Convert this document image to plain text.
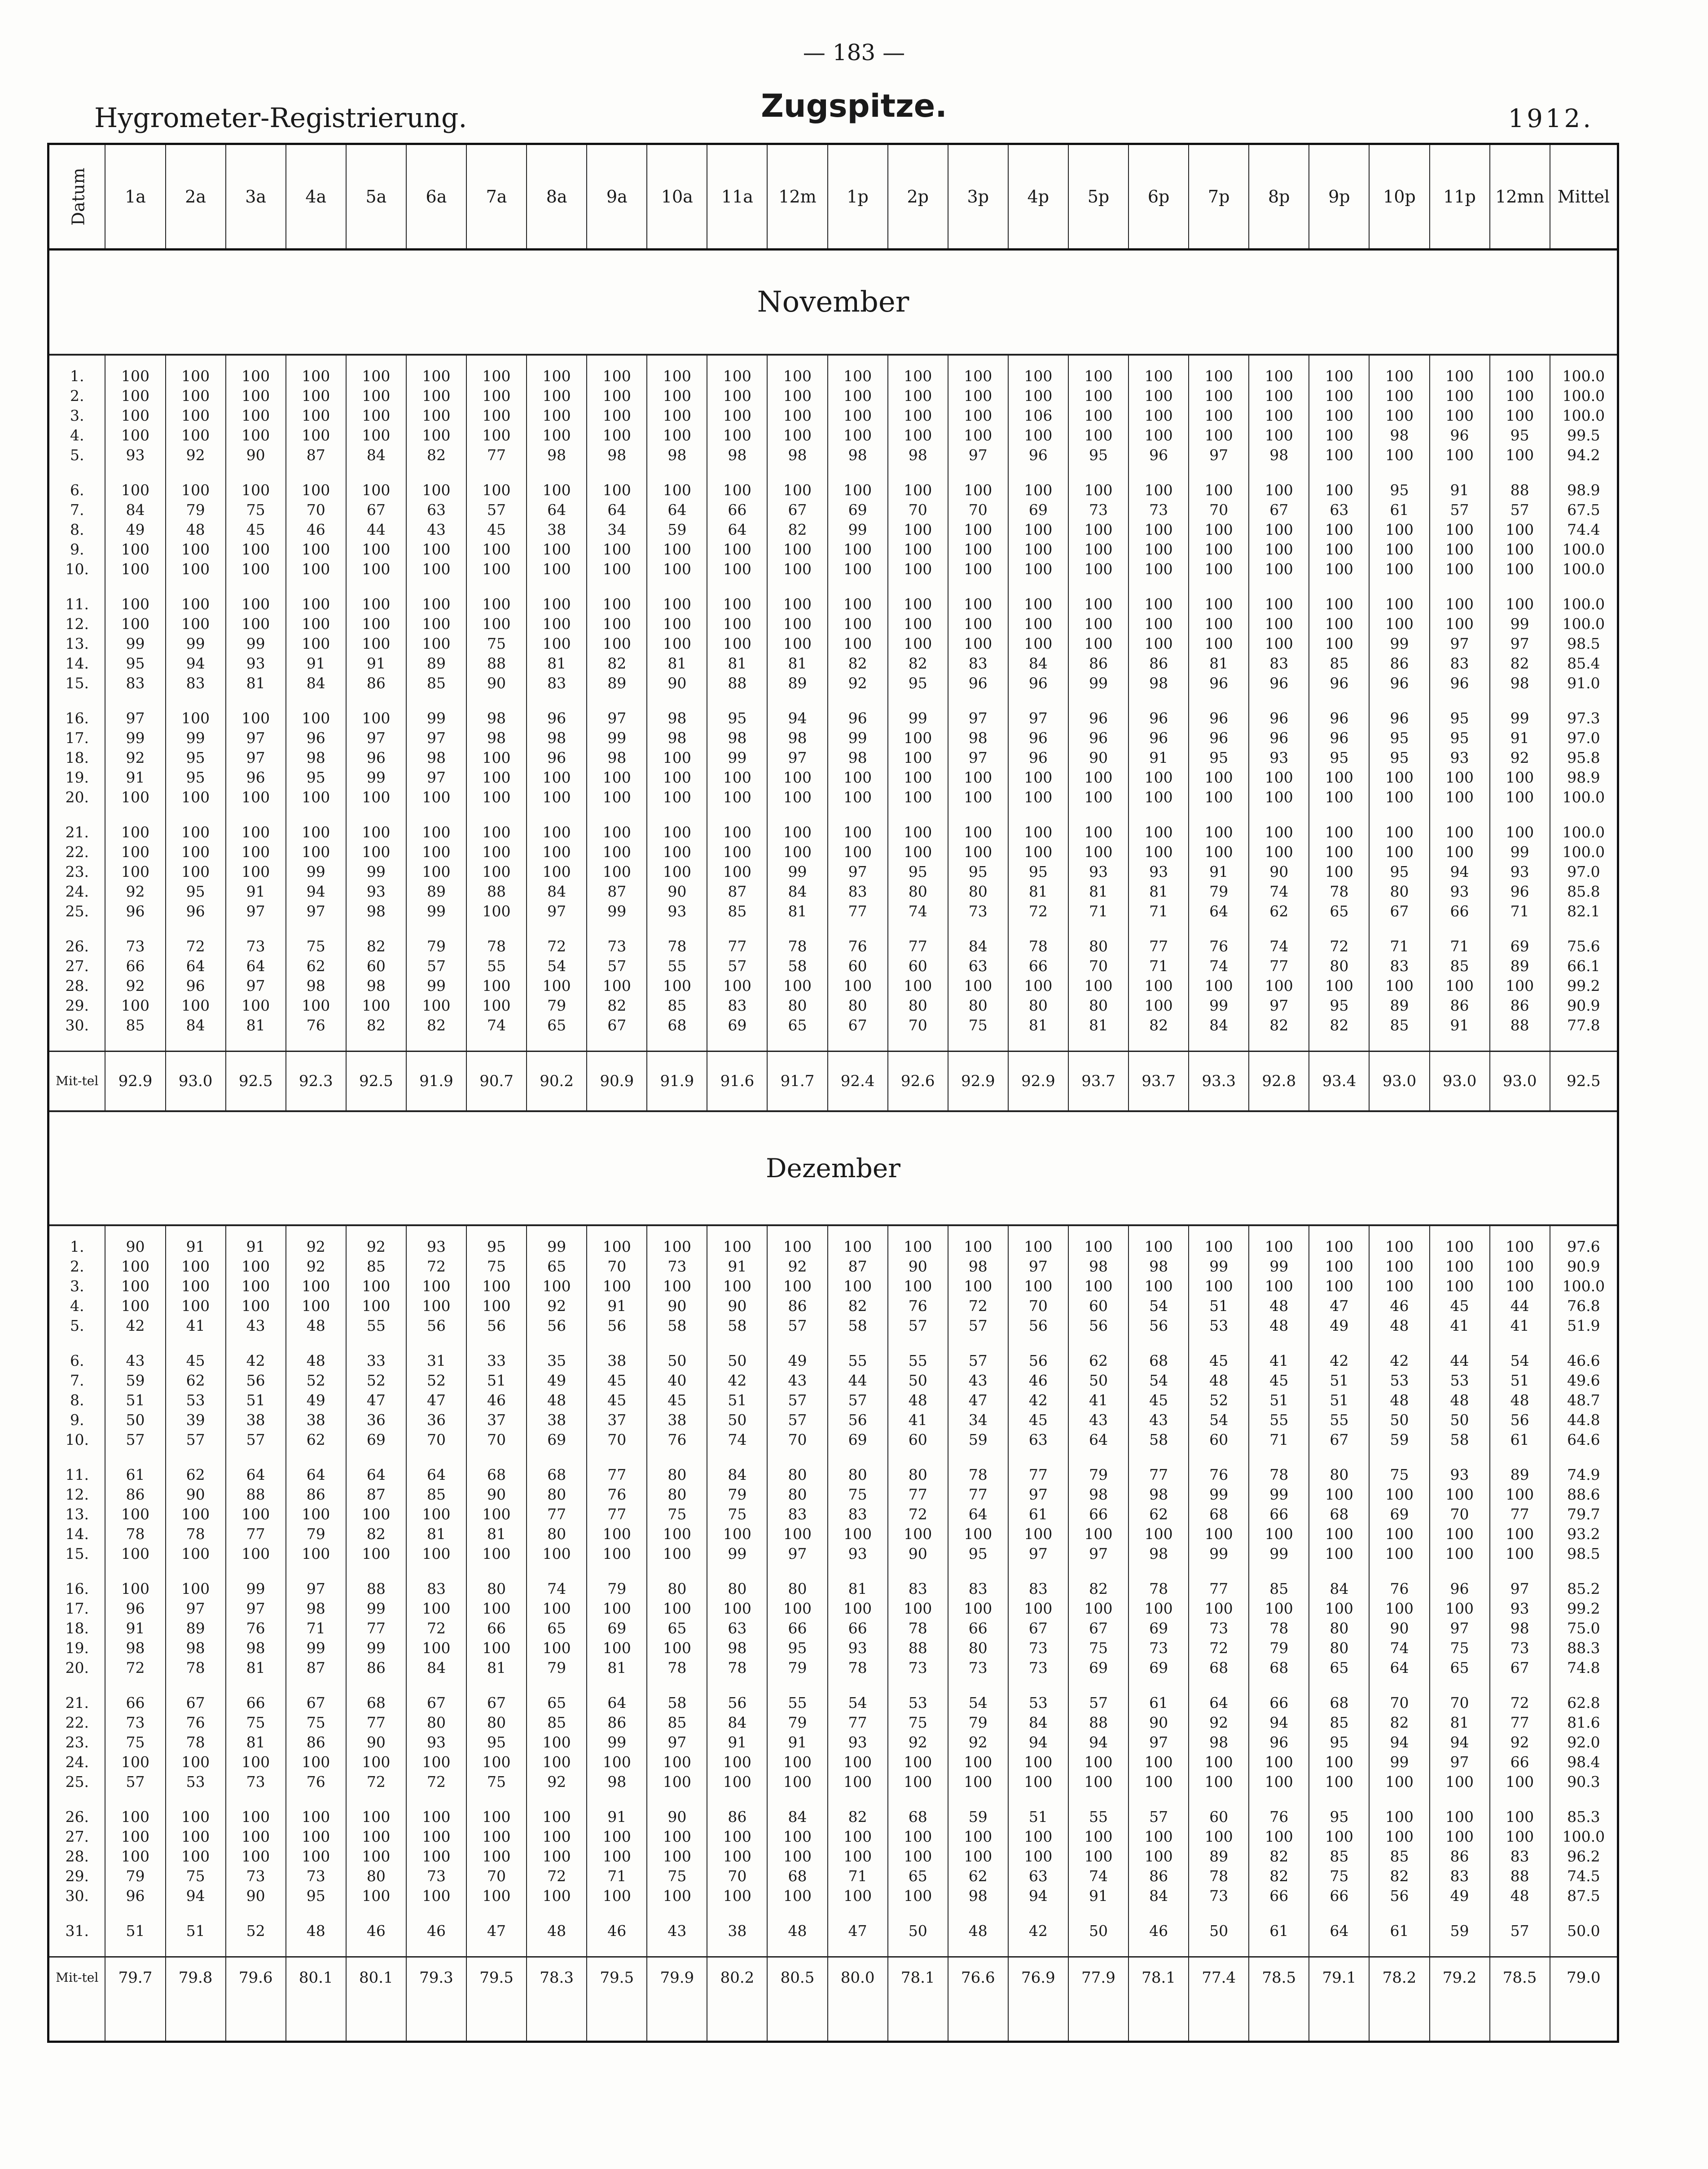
— 183 —
Hygrometer-Registrierung.	Zugspitze.	1912.
Datum	1a	2a	3a	4a	5a	6a	7a	8a	9a	10a	11a	12m	1p	2p	3p	4p	5p	6p	7p	8p	9p	10p	11p	12mn	Mittel
November																									

1.	100	100	100	100	100	100	100	100	100	100	100	100	100	100	100	100	100	100	100	100	100	100	100	100	100.0
2.	100	100	100	100	100	100	100	100	100	100	100	100	100	100	100	100	100	100	100	100	100	100	100	100	100.0
3.	100	100	100	100	100	100	100	100	100	100	100	100	100	100	100	106	100	100	100	100	100	100	100	100	100.0
4.	100	100	100	100	100	100	100	100	100	100	100	100	100	100	100	100	100	100	100	100	100	98	96	95	99.5
5.	93	92	90	87	84	82	77	98	98	98	98	98	98	98	97	96	95	96	97	98	100	100	100	100	94.2

6.	100	100	100	100	100	100	100	100	100	100	100	100	100	100	100	100	100	100	100	100	100	95	91	88	98.9
7.	84	79	75	70	67	63	57	64	64	64	66	67	69	70	70	69	73	73	70	67	63	61	57	57	67.5
8.	49	48	45	46	44	43	45	38	34	59	64	82	99	100	100	100	100	100	100	100	100	100	100	100	74.4
9.	100	100	100	100	100	100	100	100	100	100	100	100	100	100	100	100	100	100	100	100	100	100	100	100	100.0
10.	100	100	100	100	100	100	100	100	100	100	100	100	100	100	100	100	100	100	100	100	100	100	100	100	100.0

11.	100	100	100	100	100	100	100	100	100	100	100	100	100	100	100	100	100	100	100	100	100	100	100	100	100.0
12.	100	100	100	100	100	100	100	100	100	100	100	100	100	100	100	100	100	100	100	100	100	100	100	99	100.0
13.	99	99	99	100	100	100	75	100	100	100	100	100	100	100	100	100	100	100	100	100	100	99	97	97	98.5
14.	95	94	93	91	91	89	88	81	82	81	81	81	82	82	83	84	86	86	81	83	85	86	83	82	85.4
15.	83	83	81	84	86	85	90	83	89	90	88	89	92	95	96	96	99	98	96	96	96	96	96	98	91.0

16.	97	100	100	100	100	99	98	96	97	98	95	94	96	99	97	97	96	96	96	96	96	96	95	99	97.3
17.	99	99	97	96	97	97	98	98	99	98	98	98	99	100	98	96	96	96	96	96	96	95	95	91	97.0
18.	92	95	97	98	96	98	100	96	98	100	99	97	98	100	97	96	90	91	95	93	95	95	93	92	95.8
19.	91	95	96	95	99	97	100	100	100	100	100	100	100	100	100	100	100	100	100	100	100	100	100	100	98.9
20.	100	100	100	100	100	100	100	100	100	100	100	100	100	100	100	100	100	100	100	100	100	100	100	100	100.0

21.	100	100	100	100	100	100	100	100	100	100	100	100	100	100	100	100	100	100	100	100	100	100	100	100	100.0
22.	100	100	100	100	100	100	100	100	100	100	100	100	100	100	100	100	100	100	100	100	100	100	100	99	100.0
23.	100	100	100	99	99	100	100	100	100	100	100	99	97	95	95	95	93	93	91	90	100	95	94	93	97.0
24.	92	95	91	94	93	89	88	84	87	90	87	84	83	80	80	81	81	81	79	74	78	80	93	96	85.8
25.	96	96	97	97	98	99	100	97	99	93	85	81	77	74	73	72	71	71	64	62	65	67	66	71	82.1

26.	73	72	73	75	82	79	78	72	73	78	77	78	76	77	84	78	80	77	76	74	72	71	71	69	75.6
27.	66	64	64	62	60	57	55	54	57	55	57	58	60	60	63	66	70	71	74	77	80	83	85	89	66.1
28.	92	96	97	98	98	99	100	100	100	100	100	100	100	100	100	100	100	100	100	100	100	100	100	100	99.2
29.	100	100	100	100	100	100	100	79	82	85	83	80	80	80	80	80	80	100	99	97	95	89	86	86	90.9
30.	85	84	81	76	82	82	74	65	67	68	69	65	67	70	75	81	81	82	84	82	82	85	91	88	77.8

Mit-tel	92.9	93.0	92.5	92.3	92.5	91.9	90.7	90.2	90.9	91.9	91.6	91.7	92.4	92.6	92.9	92.9	93.7	93.7	93.3	92.8	93.4	93.0	93.0	93.0	92.5
Dezember																									

1.	90	91	91	92	92	93	95	99	100	100	100	100	100	100	100	100	100	100	100	100	100	100	100	100	97.6
2.	100	100	100	92	85	72	75	65	70	73	91	92	87	90	98	97	98	98	99	99	100	100	100	100	90.9
3.	100	100	100	100	100	100	100	100	100	100	100	100	100	100	100	100	100	100	100	100	100	100	100	100	100.0
4.	100	100	100	100	100	100	100	92	91	90	90	86	82	76	72	70	60	54	51	48	47	46	45	44	76.8
5.	42	41	43	48	55	56	56	56	56	58	58	57	58	57	57	56	56	56	53	48	49	48	41	41	51.9

6.	43	45	42	48	33	31	33	35	38	50	50	49	55	55	57	56	62	68	45	41	42	42	44	54	46.6
7.	59	62	56	52	52	52	51	49	45	40	42	43	44	50	43	46	50	54	48	45	51	53	53	51	49.6
8.	51	53	51	49	47	47	46	48	45	45	51	57	57	48	47	42	41	45	52	51	51	48	48	48	48.7
9.	50	39	38	38	36	36	37	38	37	38	50	57	56	41	34	45	43	43	54	55	55	50	50	56	44.8
10.	57	57	57	62	69	70	70	69	70	76	74	70	69	60	59	63	64	58	60	71	67	59	58	61	64.6

11.	61	62	64	64	64	64	68	68	77	80	84	80	80	80	78	77	79	77	76	78	80	75	93	89	74.9
12.	86	90	88	86	87	85	90	80	76	80	79	80	75	77	77	97	98	98	99	99	100	100	100	100	88.6
13.	100	100	100	100	100	100	100	77	77	75	75	83	83	72	64	61	66	62	68	66	68	69	70	77	79.7
14.	78	78	77	79	82	81	81	80	100	100	100	100	100	100	100	100	100	100	100	100	100	100	100	100	93.2
15.	100	100	100	100	100	100	100	100	100	100	99	97	93	90	95	97	97	98	99	99	100	100	100	100	98.5

16.	100	100	99	97	88	83	80	74	79	80	80	80	81	83	83	83	82	78	77	85	84	76	96	97	85.2
17.	96	97	97	98	99	100	100	100	100	100	100	100	100	100	100	100	100	100	100	100	100	100	100	93	99.2
18.	91	89	76	71	77	72	66	65	69	65	63	66	66	78	66	67	67	69	73	78	80	90	97	98	75.0
19.	98	98	98	99	99	100	100	100	100	100	98	95	93	88	80	73	75	73	72	79	80	74	75	73	88.3
20.	72	78	81	87	86	84	81	79	81	78	78	79	78	73	73	73	69	69	68	68	65	64	65	67	74.8

21.	66	67	66	67	68	67	67	65	64	58	56	55	54	53	54	53	57	61	64	66	68	70	70	72	62.8
22.	73	76	75	75	77	80	80	85	86	85	84	79	77	75	79	84	88	90	92	94	85	82	81	77	81.6
23.	75	78	81	86	90	93	95	100	99	97	91	91	93	92	92	94	94	97	98	96	95	94	94	92	92.0
24.	100	100	100	100	100	100	100	100	100	100	100	100	100	100	100	100	100	100	100	100	100	99	97	66	98.4
25.	57	53	73	76	72	72	75	92	98	100	100	100	100	100	100	100	100	100	100	100	100	100	100	100	90.3

26.	100	100	100	100	100	100	100	100	91	90	86	84	82	68	59	51	55	57	60	76	95	100	100	100	85.3
27.	100	100	100	100	100	100	100	100	100	100	100	100	100	100	100	100	100	100	100	100	100	100	100	100	100.0
28.	100	100	100	100	100	100	100	100	100	100	100	100	100	100	100	100	100	100	89	82	85	85	86	83	96.2
29.	79	75	73	73	80	73	70	72	71	75	70	68	71	65	62	63	74	86	78	82	75	82	83	88	74.5
30.	96	94	90	95	100	100	100	100	100	100	100	100	100	100	98	94	91	84	73	66	66	56	49	48	87.5

31.	51	51	52	48	46	46	47	48	46	43	38	48	47	50	48	42	50	46	50	61	64	61	59	57	50.0

Mit-tel	79.7	79.8	79.6	80.1	80.1	79.3	79.5	78.3	79.5	79.9	80.2	80.5	80.0	78.1	76.6	76.9	77.9	78.1	77.4	78.5	79.1	78.2	79.2	78.5	79.0
